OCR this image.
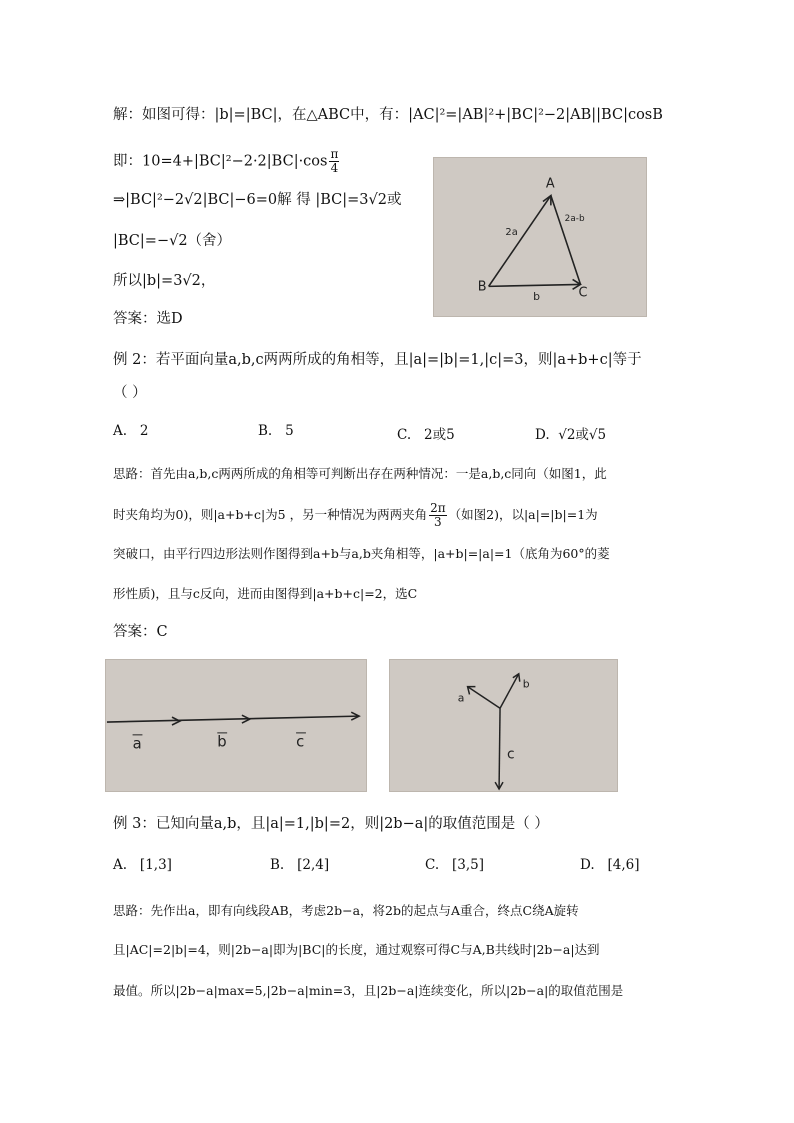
解：如图可得：|b|=|BC|，在△ABC中，有：|AC|²=|AB|²+|BC|²−2|AB||BC|cosB
即：$10=4+|BC|^2-2\cdot 2|BC|\cdot\cos \frac{\pi}{4}$
⇒|BC|²−2√2|BC|−6=0解 得 |BC|=3√2或
|BC|=−√2（舍）
所以|b|=3√2，
答案：选D
A
B	C
2a
2a-b
b
例 2：若平面向量a,b,c两两所成的角相等，且|a|=|b|=1,|c|=3，则|a+b+c|等于
（ ）
A. 2	B. 5	C. 2或5	D. √2或√5
思路：首先由a,b,c两两所成的角相等可判断出存在两种情况：一是a,b,c同向（如图1，此
时夹角均为0)，则|a+b+c|为5 ，另一种情况为两两夹角 $\frac{2\pi}{3}$ （如图2)，以|a|=|b|=1为
突破口，由平行四边形法则作图得到a+b与a,b夹角相等，|a+b|=|a|=1（底角为60°的菱
形性质)，且与c反向，进而由图得到|a+b+c|=2，选C
答案：C
a	b	c
a
b
c
例 3：已知向量a,b，且|a|=1,|b|=2，则|2b−a|的取值范围是（ ）
A. [1,3]	B. [2,4]	C. [3,5]	D. [4,6]
思路：先作出a，即有向线段AB，考虑2b−a，将2b的起点与A重合，终点C绕A旋转
且|AC|=2|b|=4，则|2b−a|即为|BC|的长度，通过观察可得C与A,B共线时|2b−a|达到
最值。所以|2b−a|max=5,|2b−a|min=3，且|2b−a|连续变化，所以|2b−a|的取值范围是
